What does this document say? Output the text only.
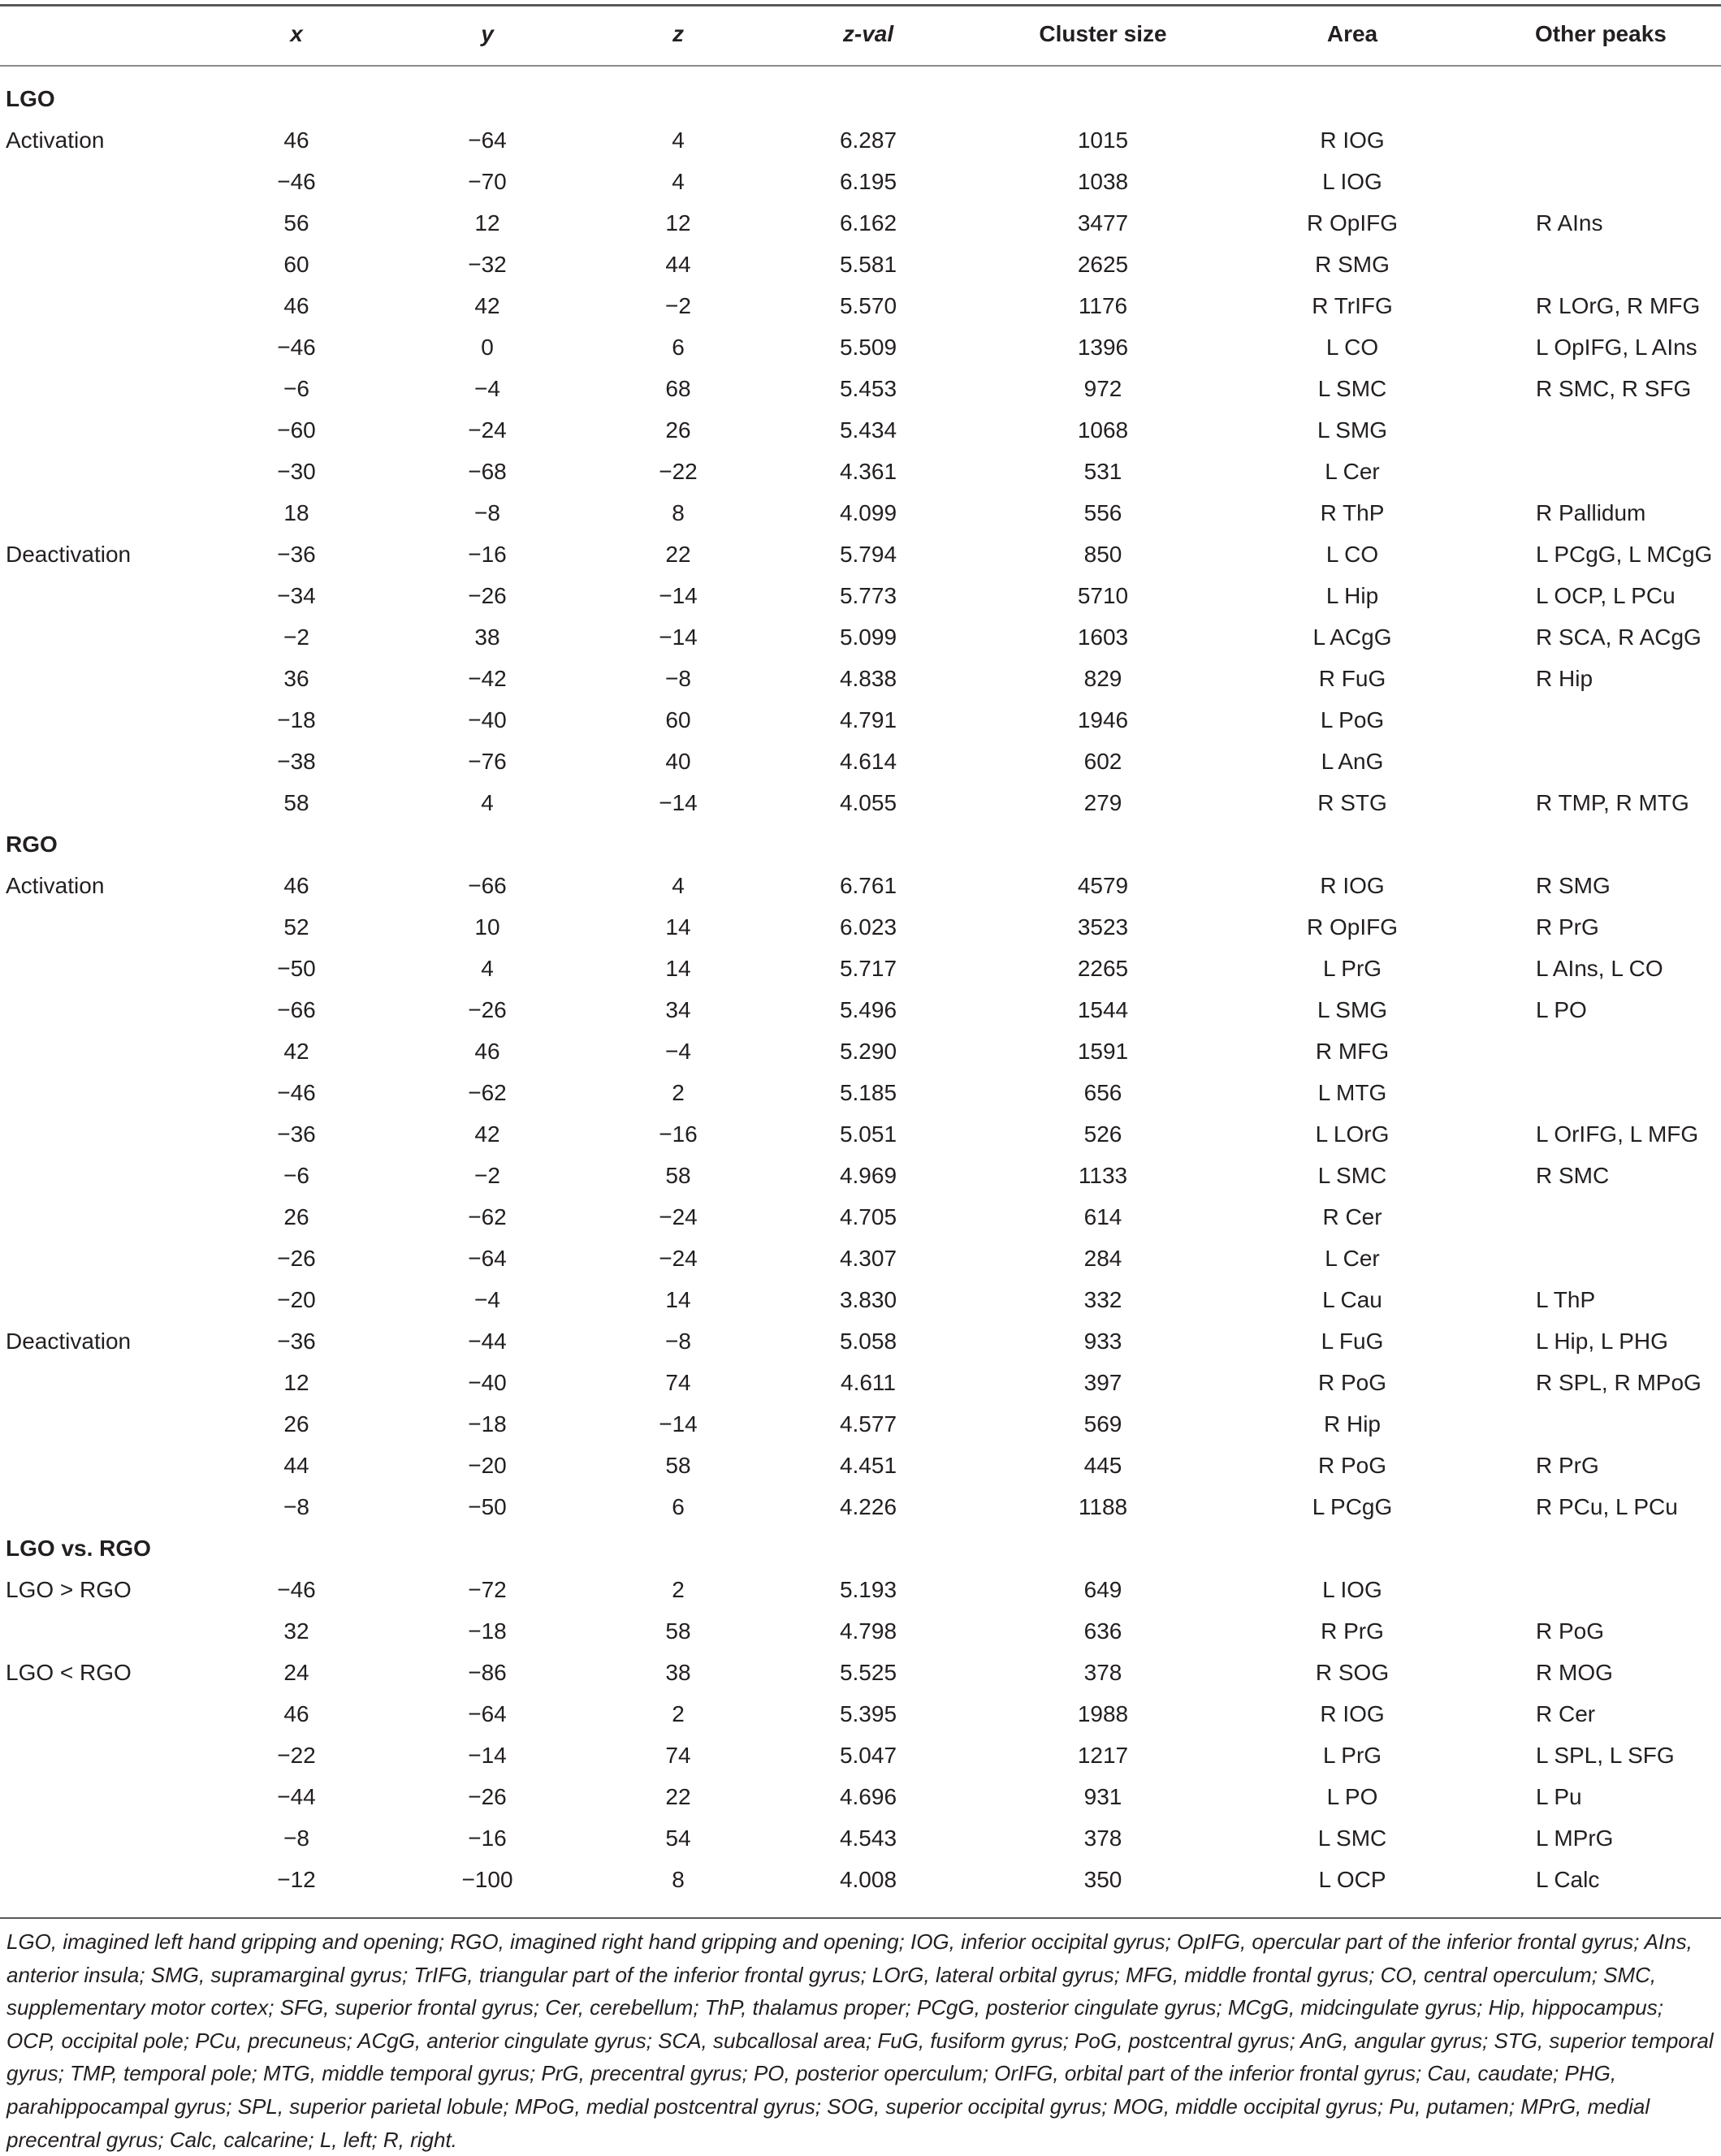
x	y	z	z-val	Cluster size	Area	Other peaks
LGO
Activation	46	−64	4	6.287	1015	R IOG
−46	−70	4	6.195	1038	L IOG
56	12	12	6.162	3477	R OpIFG	R AIns
60	−32	44	5.581	2625	R SMG
46	42	−2	5.570	1176	R TrIFG	R LOrG, R MFG
−46	0	6	5.509	1396	L CO	L OpIFG, L AIns
−6	−4	68	5.453	972	L SMC	R SMC, R SFG
−60	−24	26	5.434	1068	L SMG
−30	−68	−22	4.361	531	L Cer
18	−8	8	4.099	556	R ThP	R Pallidum
Deactivation	−36	−16	22	5.794	850	L CO	L PCgG, L MCgG
−34	−26	−14	5.773	5710	L Hip	L OCP, L PCu
−2	38	−14	5.099	1603	L ACgG	R SCA, R ACgG
36	−42	−8	4.838	829	R FuG	R Hip
−18	−40	60	4.791	1946	L PoG
−38	−76	40	4.614	602	L AnG
58	4	−14	4.055	279	R STG	R TMP, R MTG
RGO
Activation	46	−66	4	6.761	4579	R IOG	R SMG
52	10	14	6.023	3523	R OpIFG	R PrG
−50	4	14	5.717	2265	L PrG	L AIns, L CO
−66	−26	34	5.496	1544	L SMG	L PO
42	46	−4	5.290	1591	R MFG
−46	−62	2	5.185	656	L MTG
−36	42	−16	5.051	526	L LOrG	L OrIFG, L MFG
−6	−2	58	4.969	1133	L SMC	R SMC
26	−62	−24	4.705	614	R Cer
−26	−64	−24	4.307	284	L Cer
−20	−4	14	3.830	332	L Cau	L ThP
Deactivation	−36	−44	−8	5.058	933	L FuG	L Hip, L PHG
12	−40	74	4.611	397	R PoG	R SPL, R MPoG
26	−18	−14	4.577	569	R Hip
44	−20	58	4.451	445	R PoG	R PrG
−8	−50	6	4.226	1188	L PCgG	R PCu, L PCu
LGO vs. RGO
LGO > RGO	−46	−72	2	5.193	649	L IOG
32	−18	58	4.798	636	R PrG	R PoG
LGO < RGO	24	−86	38	5.525	378	R SOG	R MOG
46	−64	2	5.395	1988	R IOG	R Cer
−22	−14	74	5.047	1217	L PrG	L SPL, L SFG
−44	−26	22	4.696	931	L PO	L Pu
−8	−16	54	4.543	378	L SMC	L MPrG
−12	−100	8	4.008	350	L OCP	L Calc

LGO, imagined left hand gripping and opening; RGO, imagined right hand gripping and opening; IOG, inferior occipital gyrus; OpIFG, opercular part of the inferior frontal gyrus; AIns, anterior insula; SMG, supramarginal gyrus; TrIFG, triangular part of the inferior frontal gyrus; LOrG, lateral orbital gyrus; MFG, middle frontal gyrus; CO, central operculum; SMC, supplementary motor cortex; SFG, superior frontal gyrus; Cer, cerebellum; ThP, thalamus proper; PCgG, posterior cingulate gyrus; MCgG, midcingulate gyrus; Hip, hippocampus; OCP, occipital pole; PCu, precuneus; ACgG, anterior cingulate gyrus; SCA, subcallosal area; FuG, fusiform gyrus; PoG, postcentral gyrus; AnG, angular gyrus; STG, superior temporal gyrus; TMP, temporal pole; MTG, middle temporal gyrus; PrG, precentral gyrus; PO, posterior operculum; OrIFG, orbital part of the inferior frontal gyrus; Cau, caudate; PHG, parahippocampal gyrus; SPL, superior parietal lobule; MPoG, medial postcentral gyrus; SOG, superior occipital gyrus; MOG, middle occipital gyrus; Pu, putamen; MPrG, medial precentral gyrus; Calc, calcarine; L, left; R, right.
